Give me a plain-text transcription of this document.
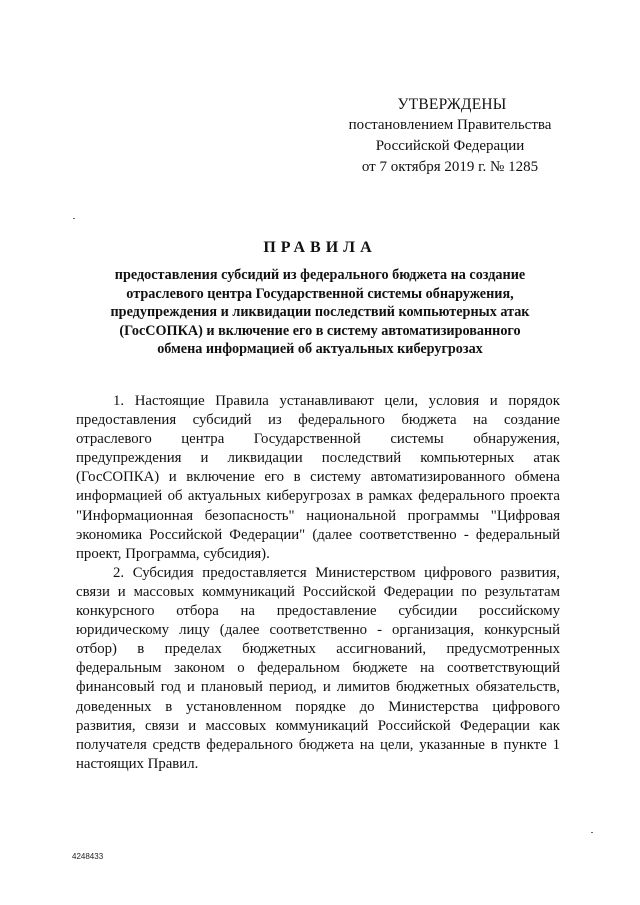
УТВЕРЖДЕНЫ
постановлением Правительства
Российской Федерации
от 7 октября 2019 г. № 1285
ПРАВИЛА
предоставления субсидий из федерального бюджета на создание
отраслевого центра Государственной системы обнаружения,
предупреждения и ликвидации последствий компьютерных атак
(ГосСОПКА) и включение его в систему автоматизированного
обмена информацией об актуальных киберугрозах

1. Настоящие Правила устанавливают цели, условия и порядок предоставления субсидий из федерального бюджета на создание отраслевого центра Государственной системы обнаружения, предупреждения и ликвидации последствий компьютерных атак (ГосСОПКА) и включение его в систему автоматизированного обмена информацией об актуальных киберугрозах в рамках федерального проекта "Информационная безопасность" национальной программы "Цифровая экономика Российской Федерации" (далее соответственно - федеральный проект, Программа, субсидия).

2. Субсидия предоставляется Министерством цифрового развития, связи и массовых коммуникаций Российской Федерации по результатам конкурсного отбора на предоставление субсидии российскому юридическому лицу (далее соответственно - организация, конкурсный отбор) в пределах бюджетных ассигнований, предусмотренных федеральным законом о федеральном бюджете на соответствующий финансовый год и плановый период, и лимитов бюджетных обязательств, доведенных в установленном порядке до Министерства цифрового развития, связи и массовых коммуникаций Российской Федерации как получателя средств федерального бюджета на цели, указанные в пункте 1 настоящих Правил.

4248433
